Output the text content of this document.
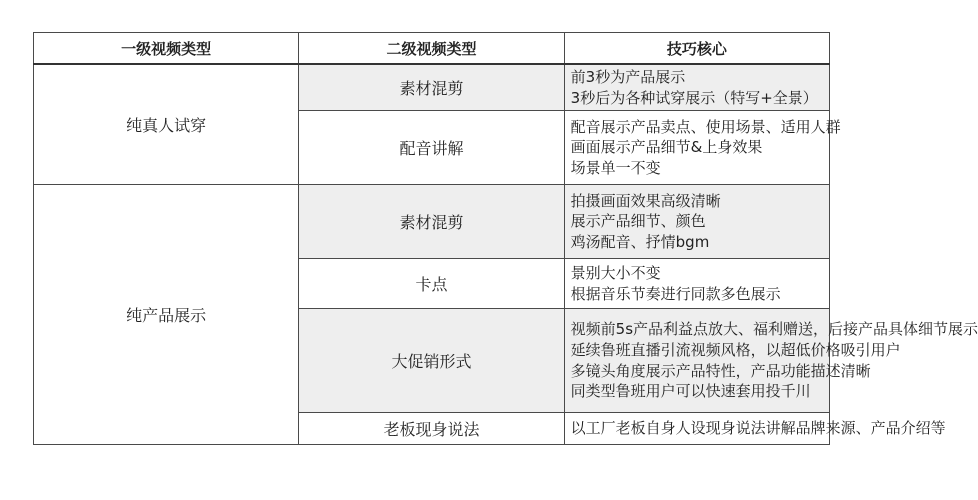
一级视频类型	二级视频类型	技巧核心
纯真人试穿	素材混剪	前3秒为产品展示
3秒后为各种试穿展示（特写+全景）

	配音讲解	配音展示产品卖点、使用场景、适用人群
画面展示产品细节&上身效果
场景单一不变

纯产品展示	素材混剪	拍摄画面效果高级清晰
展示产品细节、颜色
鸡汤配音、抒情bgm

	卡点	景别大小不变
根据音乐节奏进行同款多色展示

	大促销形式	视频前5s产品利益点放大、福利赠送，后接产品具体细节展示
延续鲁班直播引流视频风格，以超低价格吸引用户
多镜头角度展示产品特性，产品功能描述清晰
同类型鲁班用户可以快速套用投千川

	老板现身说法	以工厂老板自身人设现身说法讲解品牌来源、产品介绍等
